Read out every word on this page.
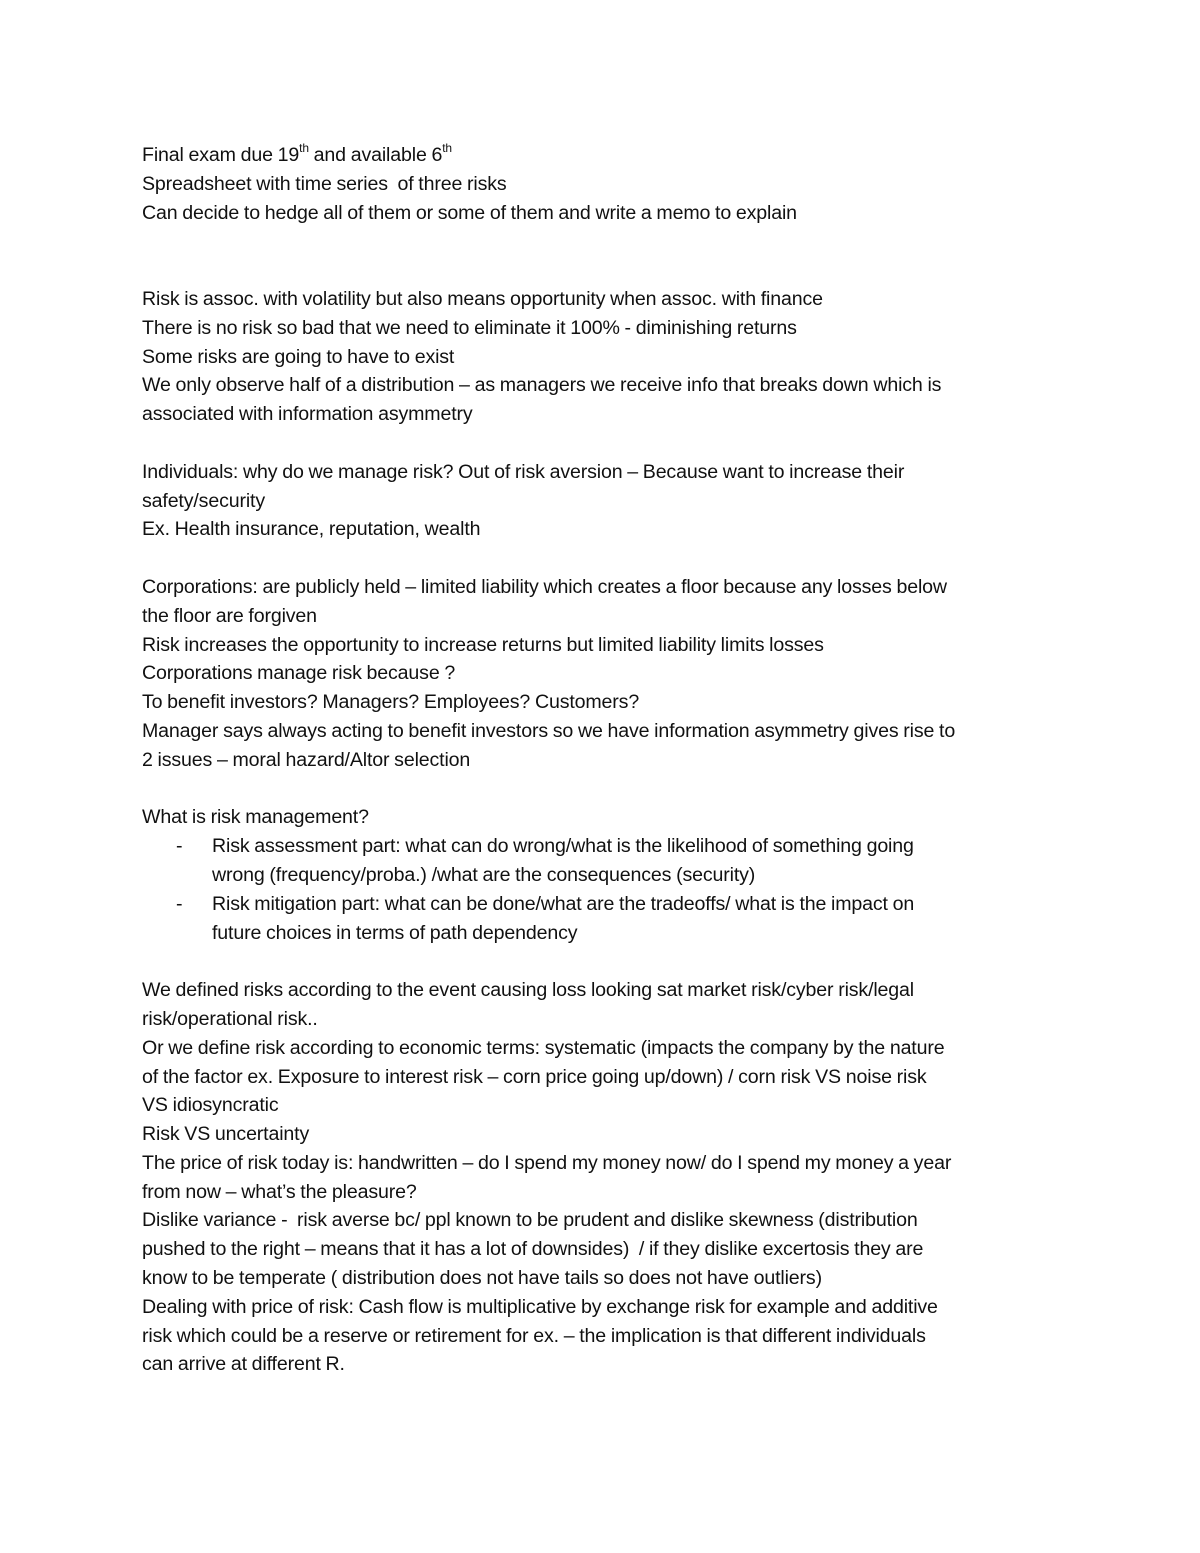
Final exam due 19th and available 6th
Spreadsheet with time series  of three risks
Can decide to hedge all of them or some of them and write a memo to explain
Risk is assoc. with volatility but also means opportunity when assoc. with finance
There is no risk so bad that we need to eliminate it 100% - diminishing returns
Some risks are going to have to exist
We only observe half of a distribution – as managers we receive info that breaks down which is
associated with information asymmetry
Individuals: why do we manage risk? Out of risk aversion – Because want to increase their
safety/security
Ex. Health insurance, reputation, wealth
Corporations: are publicly held – limited liability which creates a floor because any losses below
the floor are forgiven
Risk increases the opportunity to increase returns but limited liability limits losses
Corporations manage risk because ?
To benefit investors? Managers? Employees? Customers?
Manager says always acting to benefit investors so we have information asymmetry gives rise to
2 issues – moral hazard/Altor selection
What is risk management?
- Risk assessment part: what can do wrong/what is the likelihood of something going
wrong (frequency/proba.) /what are the consequences (security)
- Risk mitigation part: what can be done/what are the tradeoffs/ what is the impact on
future choices in terms of path dependency
We defined risks according to the event causing loss looking sat market risk/cyber risk/legal
risk/operational risk..
Or we define risk according to economic terms: systematic (impacts the company by the nature
of the factor ex. Exposure to interest risk – corn price going up/down) / corn risk VS noise risk
VS idiosyncratic
Risk VS uncertainty
The price of risk today is: handwritten – do I spend my money now/ do I spend my money a year
from now – what’s the pleasure?
Dislike variance -  risk averse bc/ ppl known to be prudent and dislike skewness (distribution
pushed to the right – means that it has a lot of downsides)  / if they dislike excertosis they are
know to be temperate ( distribution does not have tails so does not have outliers)
Dealing with price of risk: Cash flow is multiplicative by exchange risk for example and additive
risk which could be a reserve or retirement for ex. – the implication is that different individuals
can arrive at different R.
